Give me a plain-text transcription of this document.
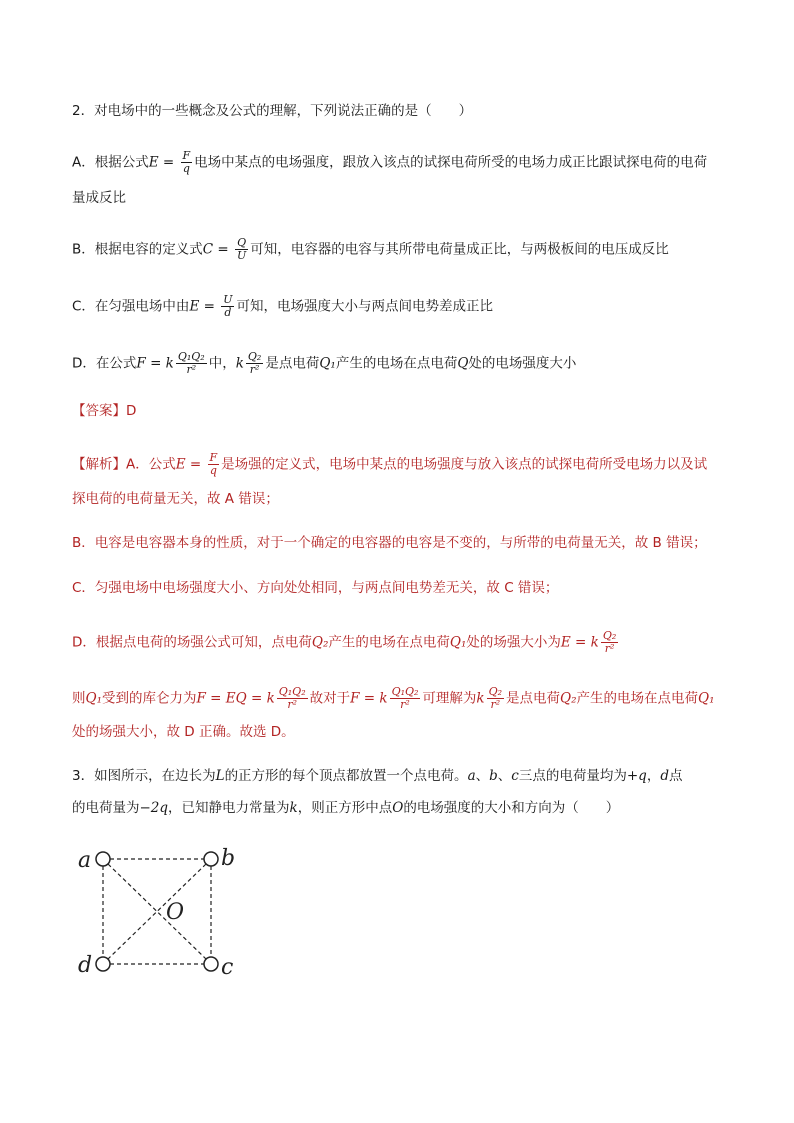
2．对电场中的一些概念及公式的理解，下列说法正确的是（　　）
A．根据公式$E = \frac{F}{q}$ 电场中某点的电场强度，跟放入该点的试探电荷所受的电场力成正比跟试探电荷的电荷
量成反比
B．根据电容的定义式$C = \frac{Q}{U}$ 可知，电容器的电容与其所带电荷量成正比，与两极板间的电压成反比
C．在匀强电场中由$E = \frac{U}{d}$ 可知，电场强度大小与两点间电势差成正比
D．在公式F = k $\frac{\text{Q₁Q₂}}{\text{r²}}$ 中，k $\frac{\text{Q₂}}{\text{r²}}$ 是点电荷Q₁产生的电场在点电荷Q处的电场强度大小
【答案】D
【解析】A．公式$E = \frac{F}{q}$ 是场强的定义式，电场中某点的电场强度与放入该点的试探电荷所受电场力以及试
探电荷的电荷量无关，故 A 错误；
B．电容是电容器本身的性质，对于一个确定的电容器的电容是不变的，与所带的电荷量无关，故 B 错误；
C．匀强电场中电场强度大小、方向处处相同，与两点间电势差无关，故 C 错误；
D．根据点电荷的场强公式可知，点电荷Q₂产生的电场在点电荷Q₁处的场强大小为E = k $\frac{\text{Q₂}}{\text{r²}}$
则Q₁受到的库仑力为F = EQ = k $\frac{\text{Q₁Q₂}}{\text{r²}}$ 故对于F = k $\frac{\text{Q₁Q₂}}{\text{r²}}$ 可理解为k $\frac{\text{Q₂}}{\text{r²}}$ 是点电荷Q₂产生的电场在点电荷Q₁
处的场强大小，故 D 正确。故选 D。
3．如图所示，在边长为L的正方形的每个顶点都放置一个点电荷。a、b、c三点的电荷量均为+q，d点
的电荷量为−2q，已知静电力常量为k，则正方形中点O的电场强度的大小和方向为（　　）
a	b
c
d
O
